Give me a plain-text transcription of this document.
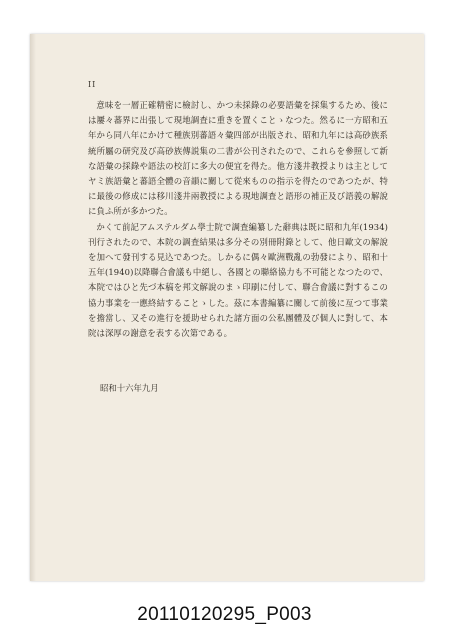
II

意味を一層正確精密に檢討し、かつ未採錄の必要語彙を採集するため、後には屢々蕃界に出張して現地調査に重きを置くことゝなつた。然るに一方昭和五年から同八年にかけて種族別蕃語々彙四部が出版され、昭和九年には高砂族系統所屬の研究及び高砂族傳説集の二書が公刊されたので、これらを參照して新な語彙の採錄や語法の校訂に多大の便宜を得た。他方淺井教授よりは主としてヤミ族語彙と蕃語全體の音韻に關して從來ものの指示を得たのであつたが、特に最後の修成には移川淺井兩教授による現地調査と語形の補正及び語義の解說に負ふ所が多かつた。

かくて前記アムステルダム學士院で調査編纂した辭典は既に昭和九年(1934)刊行されたので、本院の調査結果は多分その別冊附錄として、他日歐文の解說を加へて發刊する見込であつた。しかるに偶々歐洲戰亂の勃發により、昭和十五年(1940)以降聯合會議も中絕し、各國との聯絡協力も不可能となつたので、本院ではひと先づ本稿を邦文解說のまゝ印刷に付して、聯合會議に對するこの協力事業を一應終結することゝした。茲に本書編纂に關して前後に亙つて事業を擔當し、又その進行を援助せられた諸方面の公私團體及び個人に對して、本院は深厚の謝意を表する次第である。

昭和十六年九月
20110120295_P003
